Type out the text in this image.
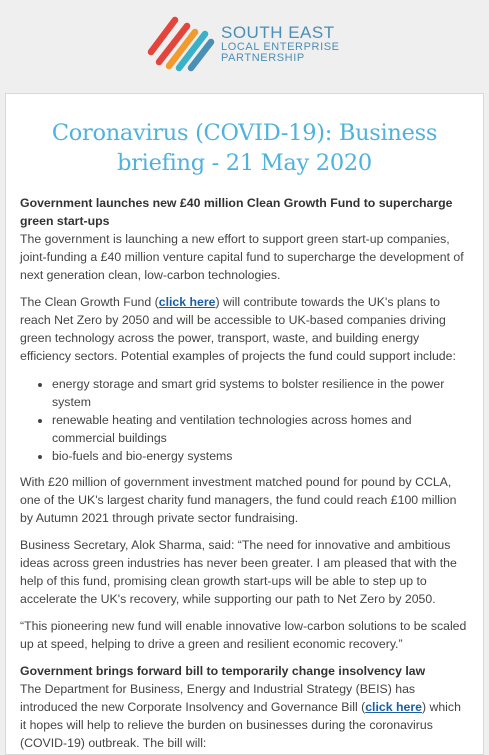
SOUTH EAST
LOCAL ENTERPRISE
PARTNERSHIP
Coronavirus (COVID-19): Business briefing - 21 May 2020
Government launches new £40 million Clean Growth Fund to supercharge green start-ups

The government is launching a new effort to support green start-up companies, joint-funding a £40 million venture capital fund to supercharge the development of next generation clean, low-carbon technologies.

The Clean Growth Fund (click here) will contribute towards the UK's plans to reach Net Zero by 2050 and will be accessible to UK-based companies driving green technology across the power, transport, waste, and building energy efficiency sectors. Potential examples of projects the fund could support include:

• energy storage and smart grid systems to bolster resilience in the power system
• renewable heating and ventilation technologies across homes and commercial buildings
• bio-fuels and bio-energy systems

With £20 million of government investment matched pound for pound by CCLA, one of the UK's largest charity fund managers, the fund could reach £100 million by Autumn 2021 through private sector fundraising.

Business Secretary, Alok Sharma, said: “The need for innovative and ambitious ideas across green industries has never been greater. I am pleased that with the help of this fund, promising clean growth start-ups will be able to step up to accelerate the UK's recovery, while supporting our path to Net Zero by 2050.

“This pioneering new fund will enable innovative low-carbon solutions to be scaled up at speed, helping to drive a green and resilient economic recovery.”

Government brings forward bill to temporarily change insolvency law

The Department for Business, Energy and Industrial Strategy (BEIS) has introduced the new Corporate Insolvency and Governance Bill (click here) which it hopes will help to relieve the burden on businesses during the coronavirus (COVID-19) outbreak. The bill will:
